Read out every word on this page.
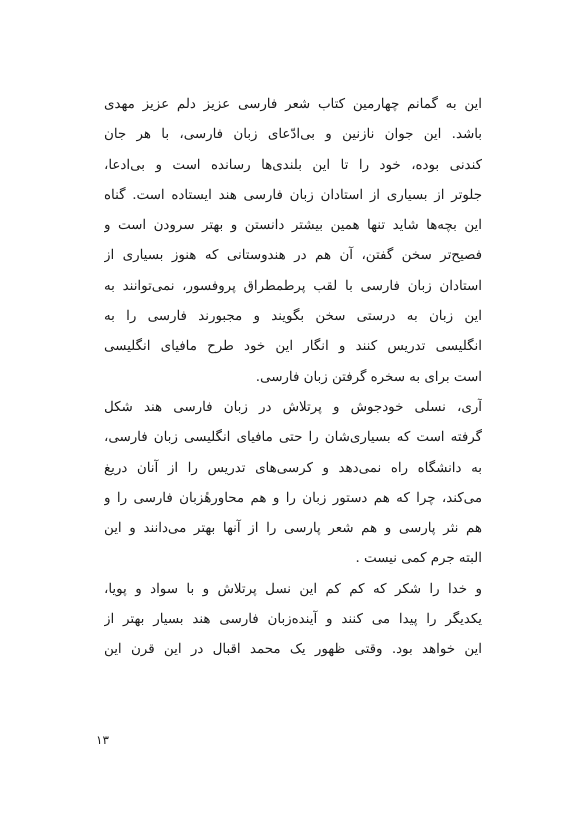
این به گمانم چهارمین کتاب شعر فارسی عزیز دلم عزیز مهدی
باشد. این جوان نازنین و بی‌ادّعای زبان فارسی، با هر جان
کندنی بوده، خود را تا این بلندی‌ها رسانده است و بی‌ادعا،
جلوتر از بسیاری از استادان زبان فارسی هند ایستاده است. گناه
این بچه‌ها شاید تنها همین بیشتر دانستن و بهتر سرودن است و
فصیح‌تر سخن گفتن، آن هم در هندوستانی که هنوز بسیاری از
استادان زبان فارسی با لقب پرطمطراق پروفسور، نمی‌توانند به
این زبان به درستی سخن بگویند و مجبورند فارسی را به
انگلیسی تدریس کنند و انگار این خود طرح مافیای انگلیسی
است برای به سخره گرفتن زبان فارسی.
آری، نسلی خودجوش و پرتلاش در زبان فارسی هند شکل
گرفته است که بسیاری‌شان را حتی مافیای انگلیسی زبان فارسی،
به دانشگاه راه نمی‌دهد و کرسی‌های تدریس را از آنان دریغ
می‌کند، چرا که هم دستور زبان را و هم محاورهٔزبان فارسی را و
هم نثر پارسی و هم شعر پارسی را از آنها بهتر می‌دانند و این
البته جرم کمی نیست .
و خدا را شکر که کم کم این نسل پرتلاش و با سواد و پویا،
یکدیگر را پیدا می کنند و آینده‌زبان فارسی هند بسیار بهتر از
این خواهد بود. وقتی ظهور یک محمد اقبال در این قرن این
۱۳
